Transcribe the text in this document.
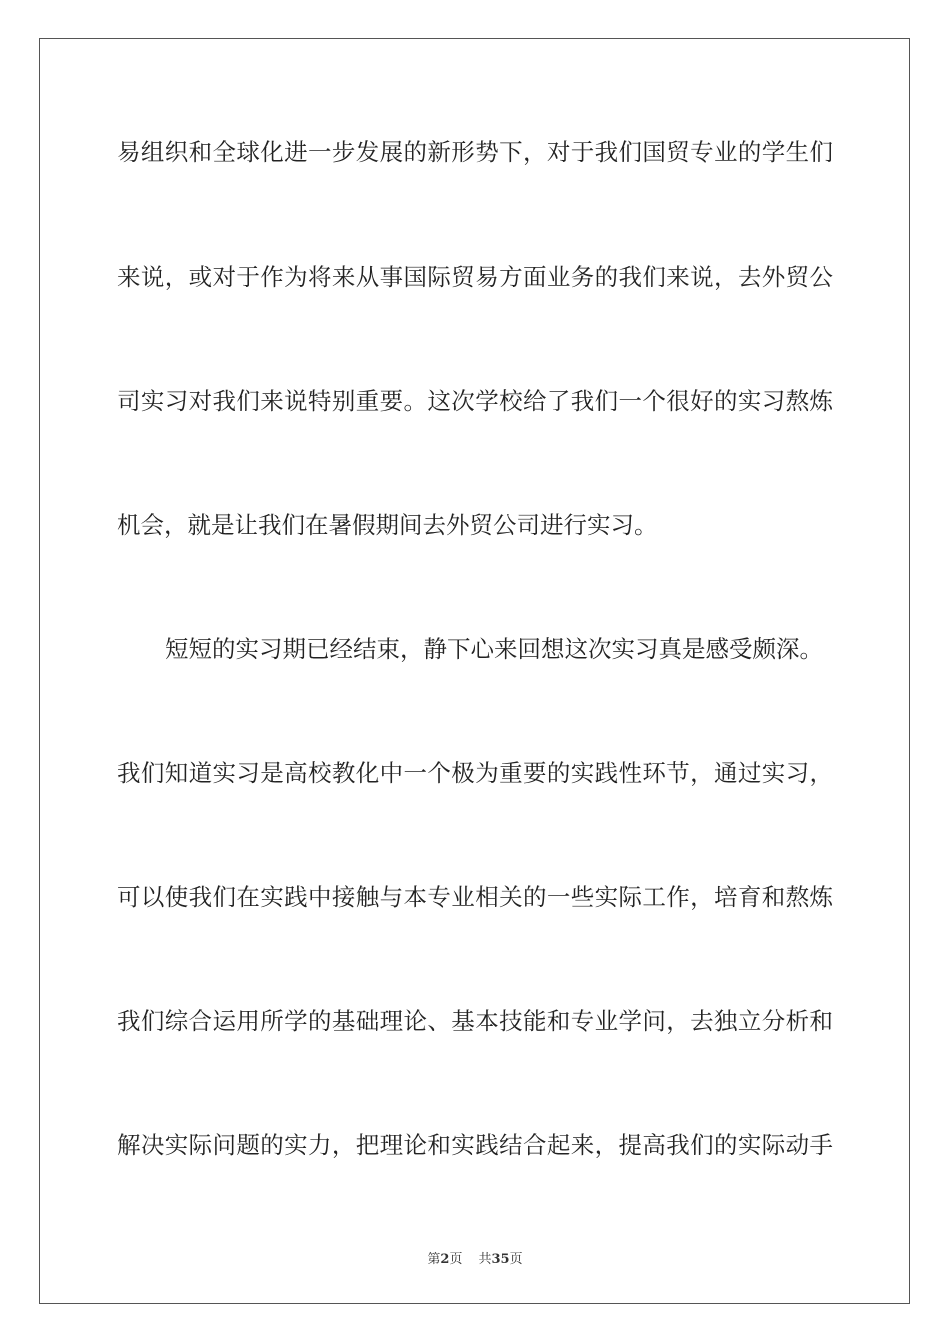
易组织和全球化进一步发展的新形势下，对于我们国贸专业的学生们
来说，或对于作为将来从事国际贸易方面业务的我们来说，去外贸公
司实习对我们来说特别重要。这次学校给了我们一个很好的实习熬炼
机会，就是让我们在暑假期间去外贸公司进行实习。
短短的实习期已经结束，静下心来回想这次实习真是感受颇深。
我们知道实习是高校教化中一个极为重要的实践性环节，通过实习，
可以使我们在实践中接触与本专业相关的一些实际工作，培育和熬炼
我们综合运用所学的基础理论、基本技能和专业学问，去独立分析和
解决实际问题的实力，把理论和实践结合起来，提高我们的实际动手
第2页 共35页
